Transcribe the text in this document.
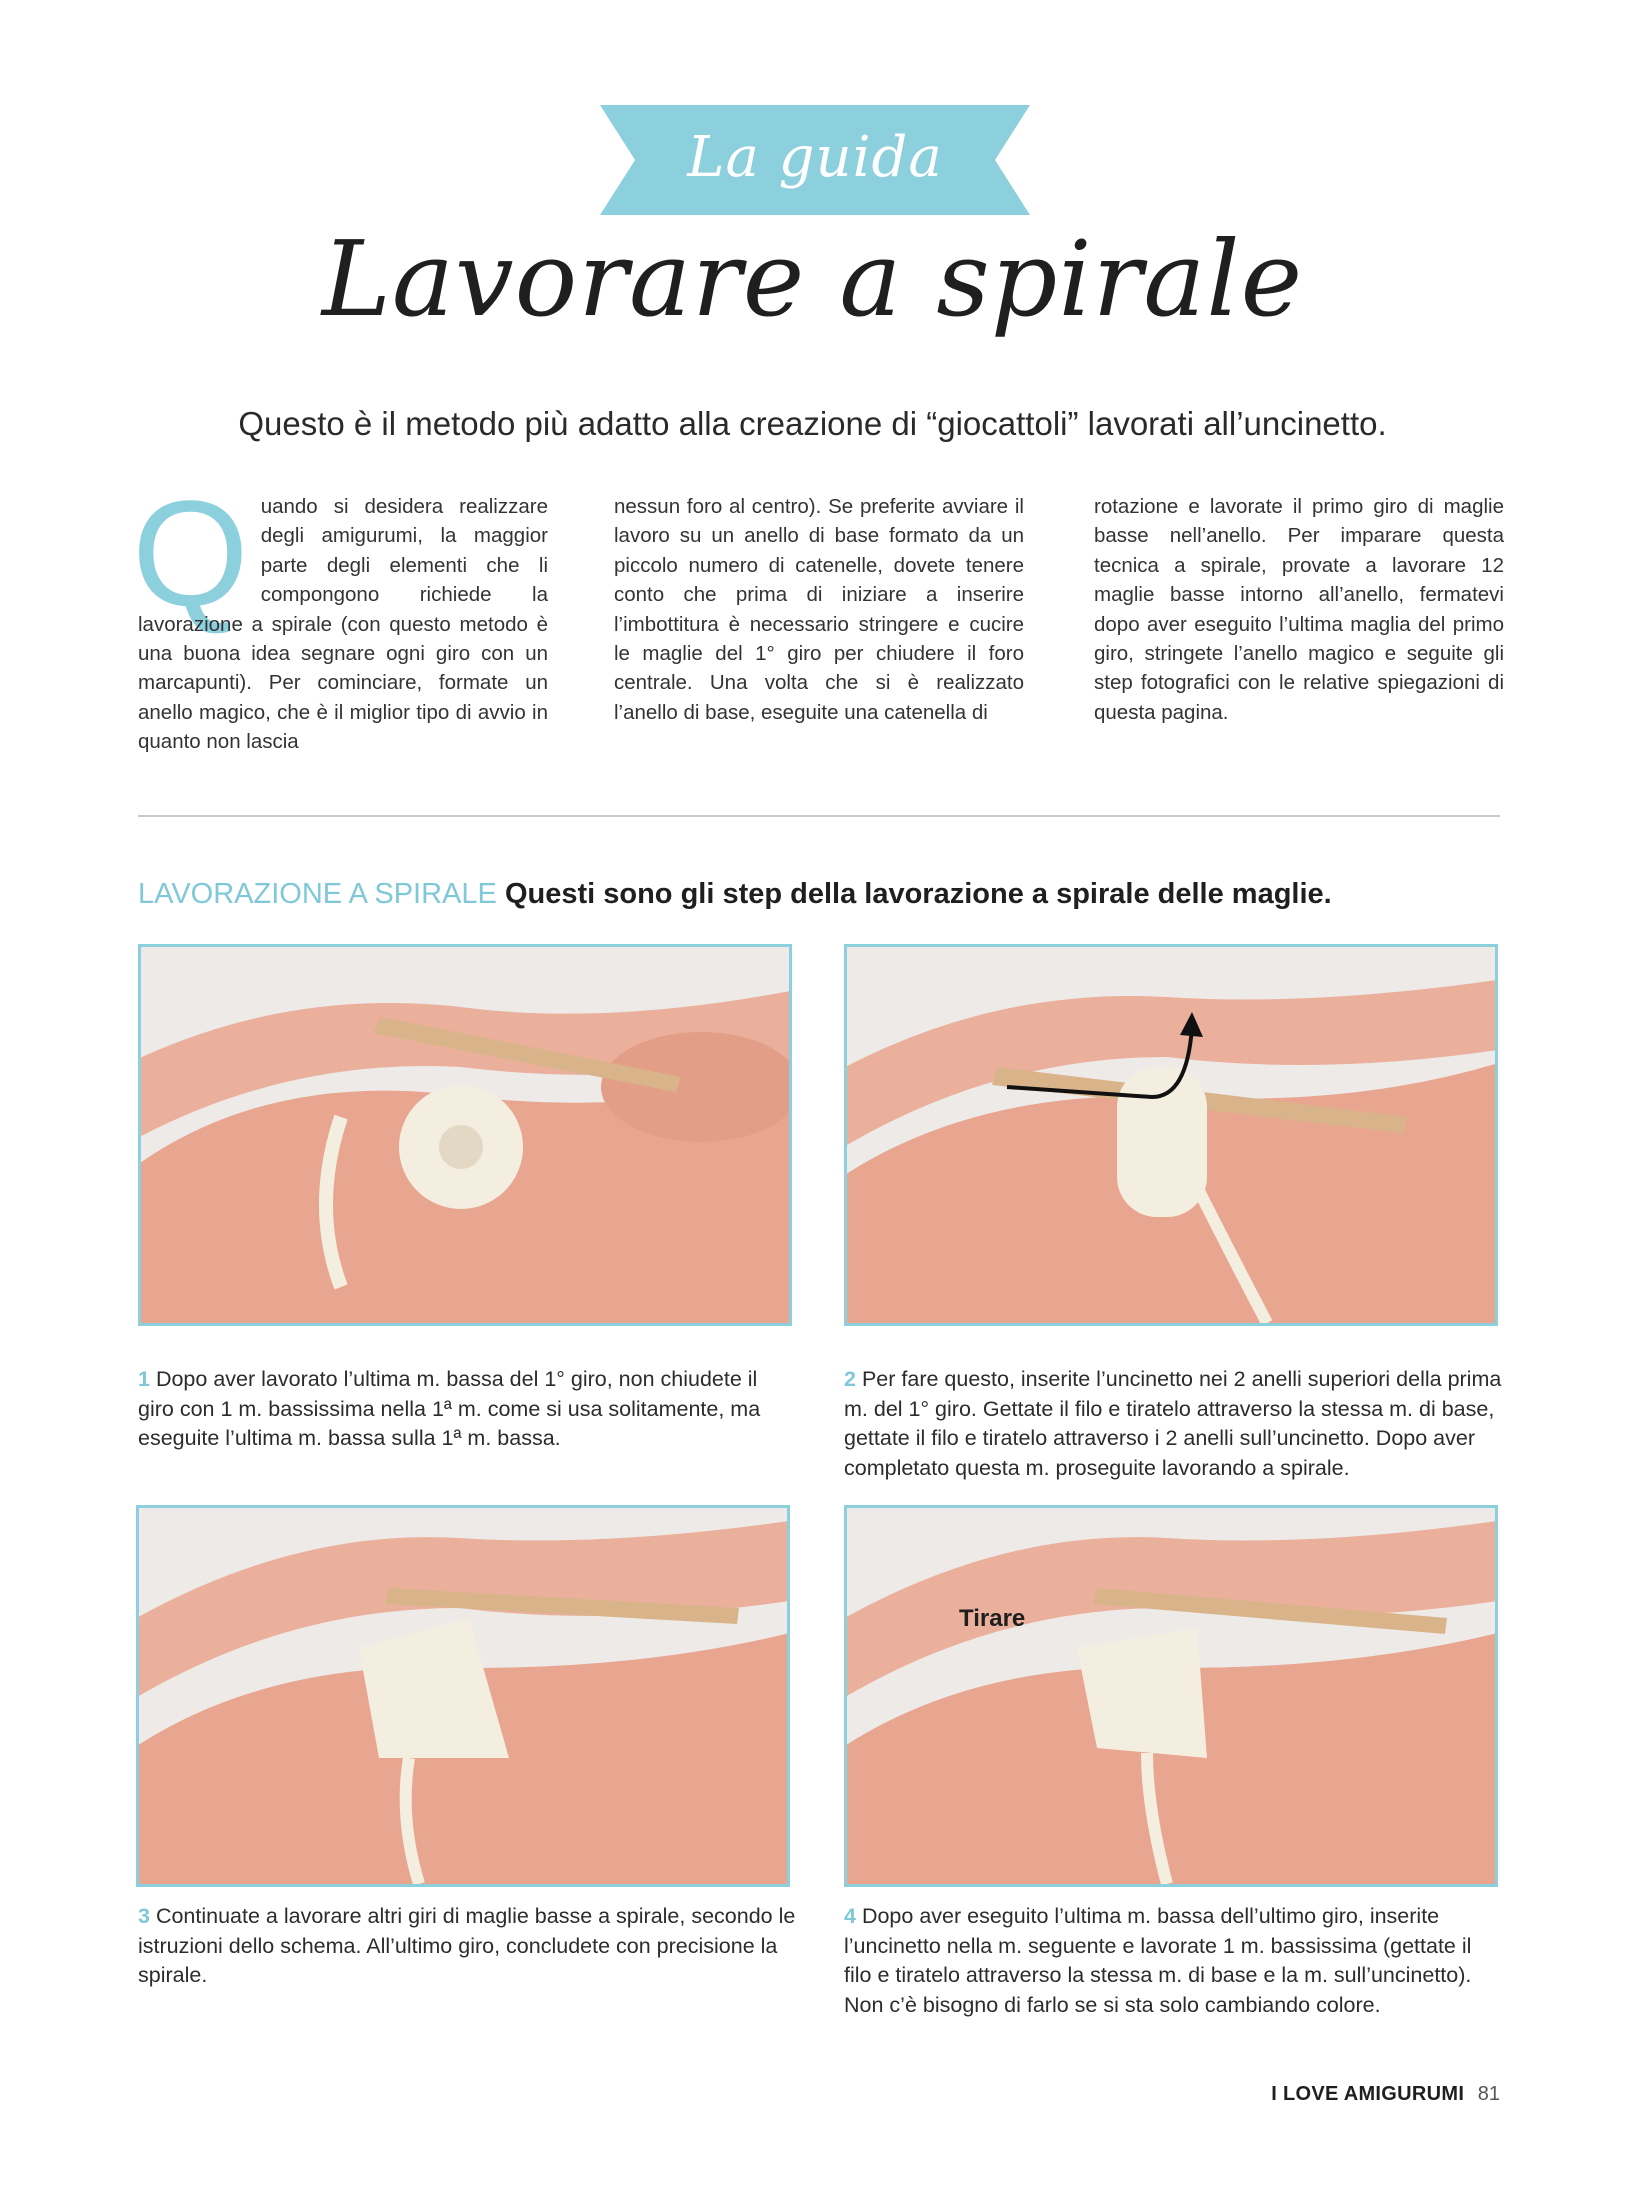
La guida
Lavorare a spirale
Questo è il metodo più adatto alla creazione di “giocattoli” lavorati all’uncinetto.
Q uando si desidera realizzare degli amigurumi, la maggior parte degli elementi che li compongono richiede la lavorazione a spirale (con questo metodo è una buona idea segnare ogni giro con un marcapunti). Per cominciare, formate un anello magico, che è il miglior tipo di avvio in quanto non lascia
nessun foro al centro). Se preferite avviare il lavoro su un anello di base formato da un piccolo numero di catenelle, dovete tenere conto che prima di iniziare a inserire l’imbottitura è necessario stringere e cucire le maglie del 1° giro per chiudere il foro centrale. Una volta che si è realizzato l’anello di base, eseguite una catenella di
rotazione e lavorate il primo giro di maglie basse nell’anello. Per imparare questa tecnica a spirale, provate a lavorare 12 maglie basse intorno all’anello, fermatevi dopo aver eseguito l’ultima maglia del primo giro, stringete l’anello magico e seguite gli step fotografici con le relative spiegazioni di questa pagina.
LAVORAZIONE A SPIRALE Questi sono gli step della lavorazione a spirale delle maglie.
Tirare
1 Dopo aver lavorato l’ultima m. bassa del 1° giro, non chiudete il giro con 1 m. bassissima nella 1ª m. come si usa solitamente, ma eseguite l’ultima m. bassa sulla 1ª m. bassa.
2 Per fare questo, inserite l’uncinetto nei 2 anelli superiori della prima m. del 1° giro. Gettate il filo e tiratelo attraverso la stessa m. di base, gettate il filo e tiratelo attraverso i 2 anelli sull’uncinetto. Dopo aver completato questa m. proseguite lavorando a spirale.
3 Continuate a lavorare altri giri di maglie basse a spirale, secondo le istruzioni dello schema. All’ultimo giro, concludete con precisione la spirale.
4 Dopo aver eseguito l’ultima m. bassa dell’ultimo giro, inserite l’uncinetto nella m. seguente e lavorate 1 m. bassissima (gettate il filo e tiratelo attraverso la stessa m. di base e la m. sull’uncinetto). Non c’è bisogno di farlo se si sta solo cambiando colore.
I LOVE AMIGURUMI 81
